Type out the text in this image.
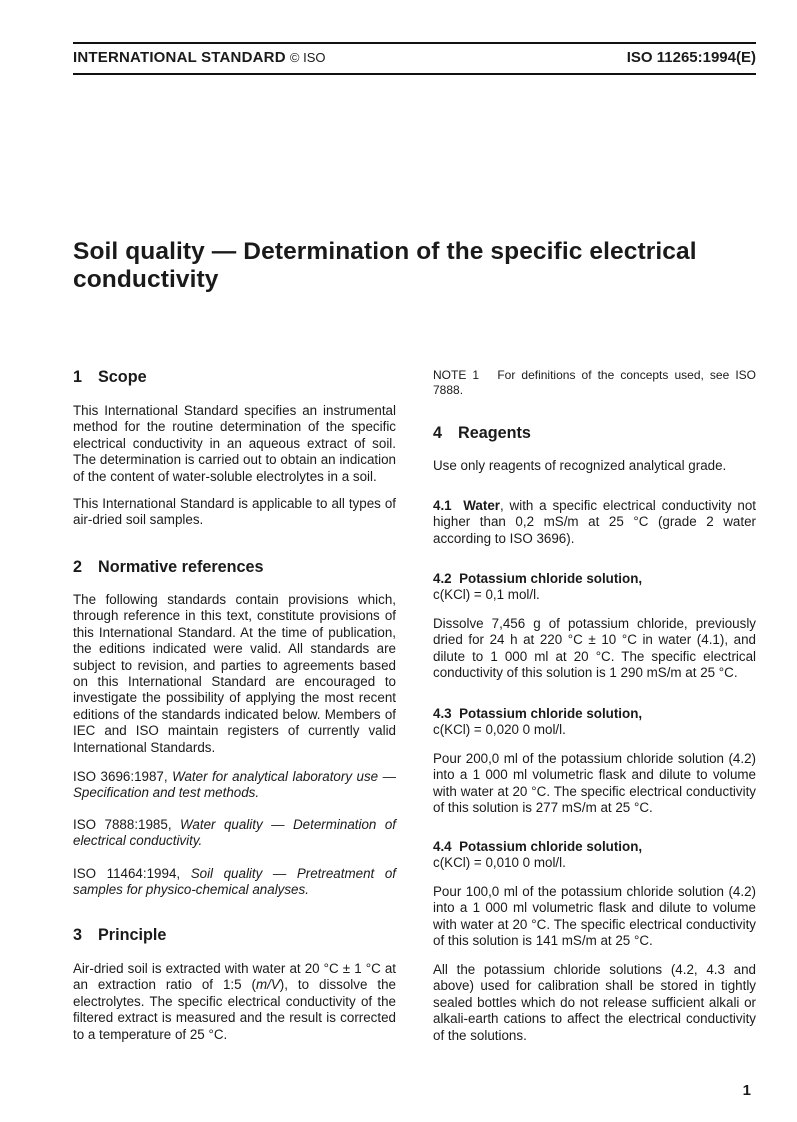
INTERNATIONAL STANDARD © ISO	ISO 11265:1994(E)
Soil quality — Determination of the specific electrical
conductivity
1 Scope
This International Standard specifies an instrumental method for the routine determination of the specific electrical conductivity in an aqueous extract of soil. The determination is carried out to obtain an indication of the content of water-soluble electrolytes in a soil.
This International Standard is applicable to all types of air-dried soil samples.
2 Normative references
The following standards contain provisions which, through reference in this text, constitute provisions of this International Standard. At the time of publication, the editions indicated were valid. All standards are subject to revision, and parties to agreements based on this International Standard are encouraged to investigate the possibility of applying the most recent editions of the standards indicated below. Members of IEC and ISO maintain registers of currently valid International Standards.
ISO 3696:1987, Water for analytical laboratory use — Specification and test methods.
ISO 7888:1985, Water quality — Determination of electrical conductivity.
ISO 11464:1994, Soil quality — Pretreatment of samples for physico-chemical analyses.
3 Principle
Air-dried soil is extracted with water at 20 °C ± 1 °C at an extraction ratio of 1:5 (m/V), to dissolve the electrolytes. The specific electrical conductivity of the filtered extract is measured and the result is corrected to a temperature of 25 °C.
NOTE 1 For definitions of the concepts used, see ISO 7888.
4 Reagents
Use only reagents of recognized analytical grade.
4.1 Water, with a specific electrical conductivity not higher than 0,2 mS/m at 25 °C (grade 2 water according to ISO 3696).
4.2 Potassium chloride solution,
c(KCl) = 0,1 mol/l.
Dissolve 7,456 g of potassium chloride, previously dried for 24 h at 220 °C ± 10 °C in water (4.1), and dilute to 1 000 ml at 20 °C. The specific electrical conductivity of this solution is 1 290 mS/m at 25 °C.
4.3 Potassium chloride solution,
c(KCl) = 0,020 0 mol/l.
Pour 200,0 ml of the potassium chloride solution (4.2) into a 1 000 ml volumetric flask and dilute to volume with water at 20 °C. The specific electrical conductivity of this solution is 277 mS/m at 25 °C.
4.4 Potassium chloride solution,
c(KCl) = 0,010 0 mol/l.
Pour 100,0 ml of the potassium chloride solution (4.2) into a 1 000 ml volumetric flask and dilute to volume with water at 20 °C. The specific electrical conductivity of this solution is 141 mS/m at 25 °C.
All the potassium chloride solutions (4.2, 4.3 and above) used for calibration shall be stored in tightly sealed bottles which do not release sufficient alkali or alkali-earth cations to affect the electrical conductivity of the solutions.
1
